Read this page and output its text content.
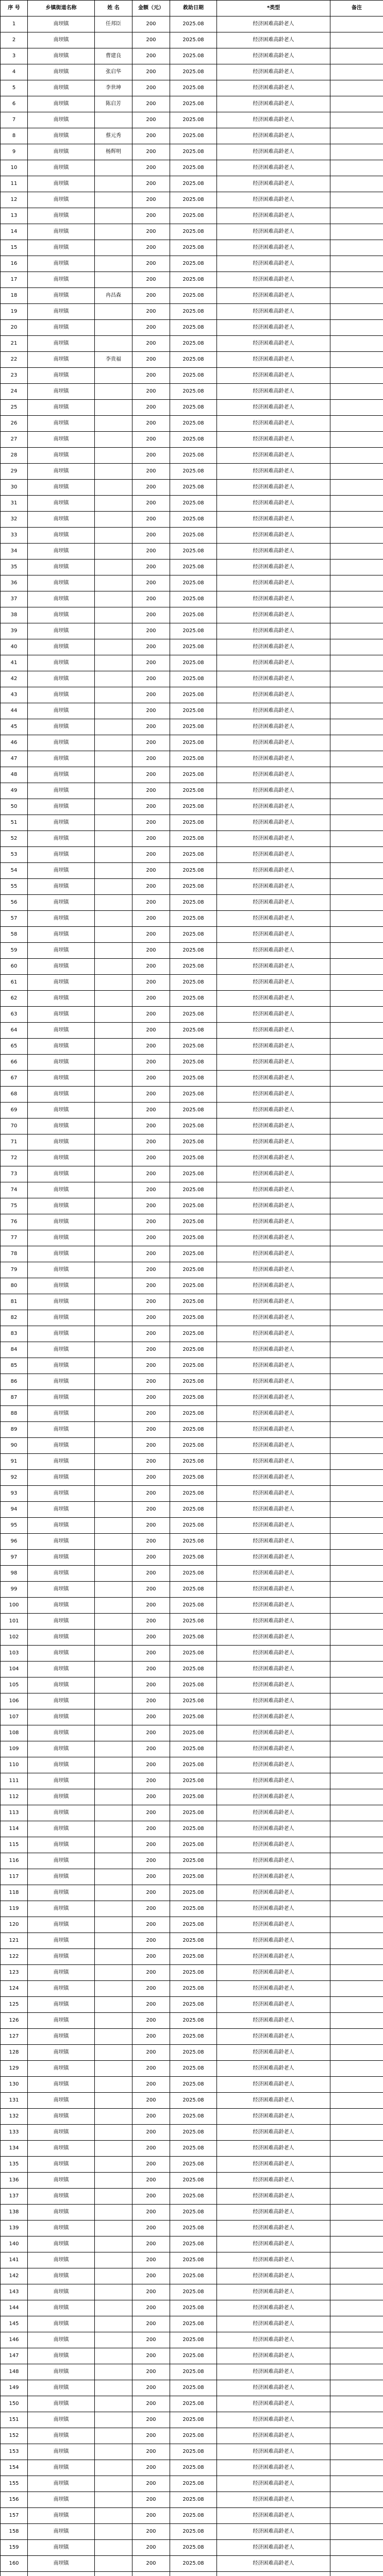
序 号	乡镇街道名称	姓 名	金额（元）	救助日期	*类型	备注
1	南坝镇	任邦臣	200	2025.08	经济困难高龄老人	
2	南坝镇		200	2025.08	经济困难高龄老人	
3	南坝镇	曹建良	200	2025.08	经济困难高龄老人	
4	南坝镇	张启华	200	2025.08	经济困难高龄老人	
5	南坝镇	李世坤	200	2025.08	经济困难高龄老人	
6	南坝镇	陈启芳	200	2025.08	经济困难高龄老人	
7	南坝镇		200	2025.08	经济困难高龄老人	
8	南坝镇	蔡元秀	200	2025.08	经济困难高龄老人	
9	南坝镇	杨辉明	200	2025.08	经济困难高龄老人	
10	南坝镇		200	2025.08	经济困难高龄老人	
11	南坝镇		200	2025.08	经济困难高龄老人	
12	南坝镇		200	2025.08	经济困难高龄老人	
13	南坝镇		200	2025.08	经济困难高龄老人	
14	南坝镇		200	2025.08	经济困难高龄老人	
15	南坝镇		200	2025.08	经济困难高龄老人	
16	南坝镇		200	2025.08	经济困难高龄老人	
17	南坝镇		200	2025.08	经济困难高龄老人	
18	南坝镇	冉昌森	200	2025.08	经济困难高龄老人	
19	南坝镇		200	2025.08	经济困难高龄老人	
20	南坝镇		200	2025.08	经济困难高龄老人	
21	南坝镇		200	2025.08	经济困难高龄老人	
22	南坝镇	李贵福	200	2025.08	经济困难高龄老人	
23	南坝镇		200	2025.08	经济困难高龄老人	
24	南坝镇		200	2025.08	经济困难高龄老人	
25	南坝镇		200	2025.08	经济困难高龄老人	
26	南坝镇		200	2025.08	经济困难高龄老人	
27	南坝镇		200	2025.08	经济困难高龄老人	
28	南坝镇		200	2025.08	经济困难高龄老人	
29	南坝镇		200	2025.08	经济困难高龄老人	
30	南坝镇		200	2025.08	经济困难高龄老人	
31	南坝镇		200	2025.08	经济困难高龄老人	
32	南坝镇		200	2025.08	经济困难高龄老人	
33	南坝镇		200	2025.08	经济困难高龄老人	
34	南坝镇		200	2025.08	经济困难高龄老人	
35	南坝镇		200	2025.08	经济困难高龄老人	
36	南坝镇		200	2025.08	经济困难高龄老人	
37	南坝镇		200	2025.08	经济困难高龄老人	
38	南坝镇		200	2025.08	经济困难高龄老人	
39	南坝镇		200	2025.08	经济困难高龄老人	
40	南坝镇		200	2025.08	经济困难高龄老人	
41	南坝镇		200	2025.08	经济困难高龄老人	
42	南坝镇		200	2025.08	经济困难高龄老人	
43	南坝镇		200	2025.08	经济困难高龄老人	
44	南坝镇		200	2025.08	经济困难高龄老人	
45	南坝镇		200	2025.08	经济困难高龄老人	
46	南坝镇		200	2025.08	经济困难高龄老人	
47	南坝镇		200	2025.08	经济困难高龄老人	
48	南坝镇		200	2025.08	经济困难高龄老人	
49	南坝镇		200	2025.08	经济困难高龄老人	
50	南坝镇		200	2025.08	经济困难高龄老人	
51	南坝镇		200	2025.08	经济困难高龄老人	
52	南坝镇		200	2025.08	经济困难高龄老人	
53	南坝镇		200	2025.08	经济困难高龄老人	
54	南坝镇		200	2025.08	经济困难高龄老人	
55	南坝镇		200	2025.08	经济困难高龄老人	
56	南坝镇		200	2025.08	经济困难高龄老人	
57	南坝镇		200	2025.08	经济困难高龄老人	
58	南坝镇		200	2025.08	经济困难高龄老人	
59	南坝镇		200	2025.08	经济困难高龄老人	
60	南坝镇		200	2025.08	经济困难高龄老人	
61	南坝镇		200	2025.08	经济困难高龄老人	
62	南坝镇		200	2025.08	经济困难高龄老人	
63	南坝镇		200	2025.08	经济困难高龄老人	
64	南坝镇		200	2025.08	经济困难高龄老人	
65	南坝镇		200	2025.08	经济困难高龄老人	
66	南坝镇		200	2025.08	经济困难高龄老人	
67	南坝镇		200	2025.08	经济困难高龄老人	
68	南坝镇		200	2025.08	经济困难高龄老人	
69	南坝镇		200	2025.08	经济困难高龄老人	
70	南坝镇		200	2025.08	经济困难高龄老人	
71	南坝镇		200	2025.08	经济困难高龄老人	
72	南坝镇		200	2025.08	经济困难高龄老人	
73	南坝镇		200	2025.08	经济困难高龄老人	
74	南坝镇		200	2025.08	经济困难高龄老人	
75	南坝镇		200	2025.08	经济困难高龄老人	
76	南坝镇		200	2025.08	经济困难高龄老人	
77	南坝镇		200	2025.08	经济困难高龄老人	
78	南坝镇		200	2025.08	经济困难高龄老人	
79	南坝镇		200	2025.08	经济困难高龄老人	
80	南坝镇		200	2025.08	经济困难高龄老人	
81	南坝镇		200	2025.08	经济困难高龄老人	
82	南坝镇		200	2025.08	经济困难高龄老人	
83	南坝镇		200	2025.08	经济困难高龄老人	
84	南坝镇		200	2025.08	经济困难高龄老人	
85	南坝镇		200	2025.08	经济困难高龄老人	
86	南坝镇		200	2025.08	经济困难高龄老人	
87	南坝镇		200	2025.08	经济困难高龄老人	
88	南坝镇		200	2025.08	经济困难高龄老人	
89	南坝镇		200	2025.08	经济困难高龄老人	
90	南坝镇		200	2025.08	经济困难高龄老人	
91	南坝镇		200	2025.08	经济困难高龄老人	
92	南坝镇		200	2025.08	经济困难高龄老人	
93	南坝镇		200	2025.08	经济困难高龄老人	
94	南坝镇		200	2025.08	经济困难高龄老人	
95	南坝镇		200	2025.08	经济困难高龄老人	
96	南坝镇		200	2025.08	经济困难高龄老人	
97	南坝镇		200	2025.08	经济困难高龄老人	
98	南坝镇		200	2025.08	经济困难高龄老人	
99	南坝镇		200	2025.08	经济困难高龄老人	
100	南坝镇		200	2025.08	经济困难高龄老人	
101	南坝镇		200	2025.08	经济困难高龄老人	
102	南坝镇		200	2025.08	经济困难高龄老人	
103	南坝镇		200	2025.08	经济困难高龄老人	
104	南坝镇		200	2025.08	经济困难高龄老人	
105	南坝镇		200	2025.08	经济困难高龄老人	
106	南坝镇		200	2025.08	经济困难高龄老人	
107	南坝镇		200	2025.08	经济困难高龄老人	
108	南坝镇		200	2025.08	经济困难高龄老人	
109	南坝镇		200	2025.08	经济困难高龄老人	
110	南坝镇		200	2025.08	经济困难高龄老人	
111	南坝镇		200	2025.08	经济困难高龄老人	
112	南坝镇		200	2025.08	经济困难高龄老人	
113	南坝镇		200	2025.08	经济困难高龄老人	
114	南坝镇		200	2025.08	经济困难高龄老人	
115	南坝镇		200	2025.08	经济困难高龄老人	
116	南坝镇		200	2025.08	经济困难高龄老人	
117	南坝镇		200	2025.08	经济困难高龄老人	
118	南坝镇		200	2025.08	经济困难高龄老人	
119	南坝镇		200	2025.08	经济困难高龄老人	
120	南坝镇		200	2025.08	经济困难高龄老人	
121	南坝镇		200	2025.08	经济困难高龄老人	
122	南坝镇		200	2025.08	经济困难高龄老人	
123	南坝镇		200	2025.08	经济困难高龄老人	
124	南坝镇		200	2025.08	经济困难高龄老人	
125	南坝镇		200	2025.08	经济困难高龄老人	
126	南坝镇		200	2025.08	经济困难高龄老人	
127	南坝镇		200	2025.08	经济困难高龄老人	
128	南坝镇		200	2025.08	经济困难高龄老人	
129	南坝镇		200	2025.08	经济困难高龄老人	
130	南坝镇		200	2025.08	经济困难高龄老人	
131	南坝镇		200	2025.08	经济困难高龄老人	
132	南坝镇		200	2025.08	经济困难高龄老人	
133	南坝镇		200	2025.08	经济困难高龄老人	
134	南坝镇		200	2025.08	经济困难高龄老人	
135	南坝镇		200	2025.08	经济困难高龄老人	
136	南坝镇		200	2025.08	经济困难高龄老人	
137	南坝镇		200	2025.08	经济困难高龄老人	
138	南坝镇		200	2025.08	经济困难高龄老人	
139	南坝镇		200	2025.08	经济困难高龄老人	
140	南坝镇		200	2025.08	经济困难高龄老人	
141	南坝镇		200	2025.08	经济困难高龄老人	
142	南坝镇		200	2025.08	经济困难高龄老人	
143	南坝镇		200	2025.08	经济困难高龄老人	
144	南坝镇		200	2025.08	经济困难高龄老人	
145	南坝镇		200	2025.08	经济困难高龄老人	
146	南坝镇		200	2025.08	经济困难高龄老人	
147	南坝镇		200	2025.08	经济困难高龄老人	
148	南坝镇		200	2025.08	经济困难高龄老人	
149	南坝镇		200	2025.08	经济困难高龄老人	
150	南坝镇		200	2025.08	经济困难高龄老人	
151	南坝镇		200	2025.08	经济困难高龄老人	
152	南坝镇		200	2025.08	经济困难高龄老人	
153	南坝镇		200	2025.08	经济困难高龄老人	
154	南坝镇		200	2025.08	经济困难高龄老人	
155	南坝镇		200	2025.08	经济困难高龄老人	
156	南坝镇		200	2025.08	经济困难高龄老人	
157	南坝镇		200	2025.08	经济困难高龄老人	
158	南坝镇		200	2025.08	经济困难高龄老人	
159	南坝镇		200	2025.08	经济困难高龄老人	
160	南坝镇		200	2025.08	经济困难高龄老人	
